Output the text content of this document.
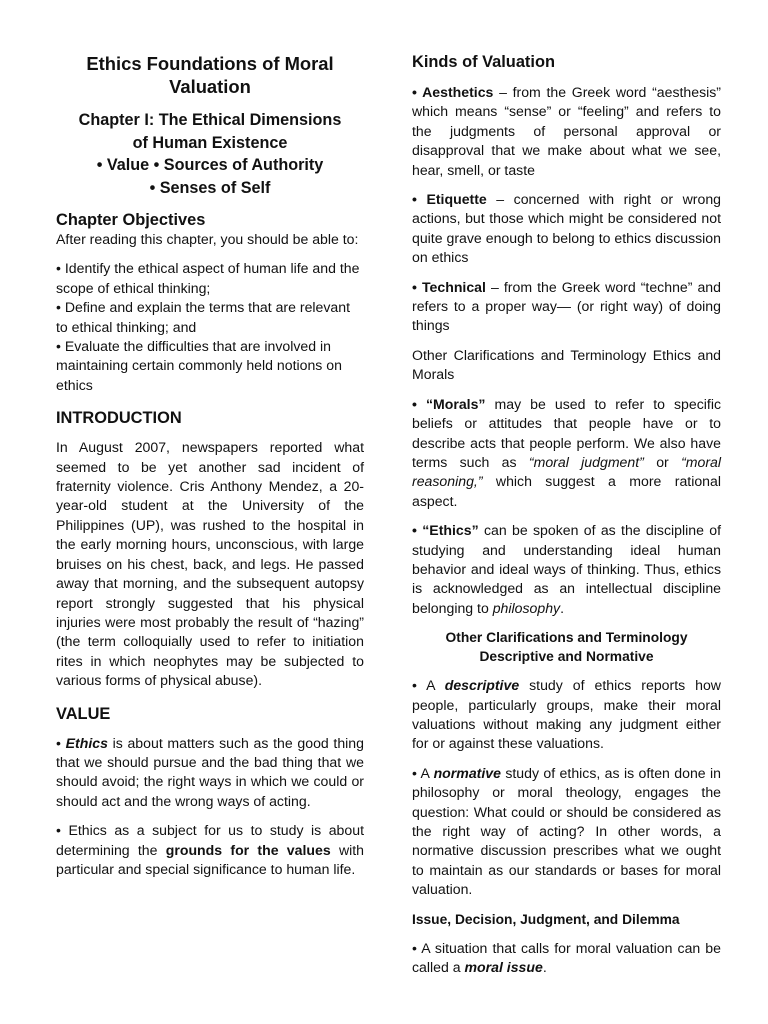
Ethics Foundations of Moral Valuation
Chapter I: The Ethical Dimensions
of Human Existence
• Value • Sources of Authority
• Senses of Self
Chapter Objectives

After reading this chapter, you should be able to:

• Identify the ethical aspect of human life and the scope of ethical thinking;

• Define and explain the terms that are relevant to ethical thinking; and

• Evaluate the difficulties that are involved in maintaining certain commonly held notions on ethics

INTRODUCTION

In August 2007, newspapers reported what seemed to be yet another sad incident of fraternity violence. Cris Anthony Mendez, a 20-year-old student at the University of the Philippines (UP), was rushed to the hospital in the early morning hours, unconscious, with large bruises on his chest, back, and legs. He passed away that morning, and the subsequent autopsy report strongly suggested that his physical injuries were most probably the result of “hazing” (the term colloquially used to refer to initiation rites in which neophytes may be subjected to various forms of physical abuse).

VALUE

• Ethics is about matters such as the good thing that we should pursue and the bad thing that we should avoid; the right ways in which we could or should act and the wrong ways of acting.

• Ethics as a subject for us to study is about determining the grounds for the values with particular and special significance to human life.

Kinds of Valuation

• Aesthetics – from the Greek word “aesthesis” which means “sense” or “feeling” and refers to the judgments of personal approval or disapproval that we make about what we see, hear, smell, or taste

• Etiquette – concerned with right or wrong actions, but those which might be considered not quite grave enough to belong to ethics discussion on ethics

• Technical – from the Greek word “techne” and refers to a proper way— (or right way) of doing things

Other Clarifications and Terminology Ethics and Morals

• “Morals” may be used to refer to specific beliefs or attitudes that people have or to describe acts that people perform. We also have terms such as “moral judgment” or “moral reasoning,” which suggest a more rational aspect.

• “Ethics” can be spoken of as the discipline of studying and understanding ideal human behavior and ideal ways of thinking. Thus, ethics is acknowledged as an intellectual discipline belonging to philosophy.

Other Clarifications and Terminology
Descriptive and Normative

• A descriptive study of ethics reports how people, particularly groups, make their moral valuations without making any judgment either for or against these valuations.

• A normative study of ethics, as is often done in philosophy or moral theology, engages the question: What could or should be considered as the right way of acting? In other words, a normative discussion prescribes what we ought to maintain as our standards or bases for moral valuation.

Issue, Decision, Judgment, and Dilemma

• A situation that calls for moral valuation can be called a moral issue.
